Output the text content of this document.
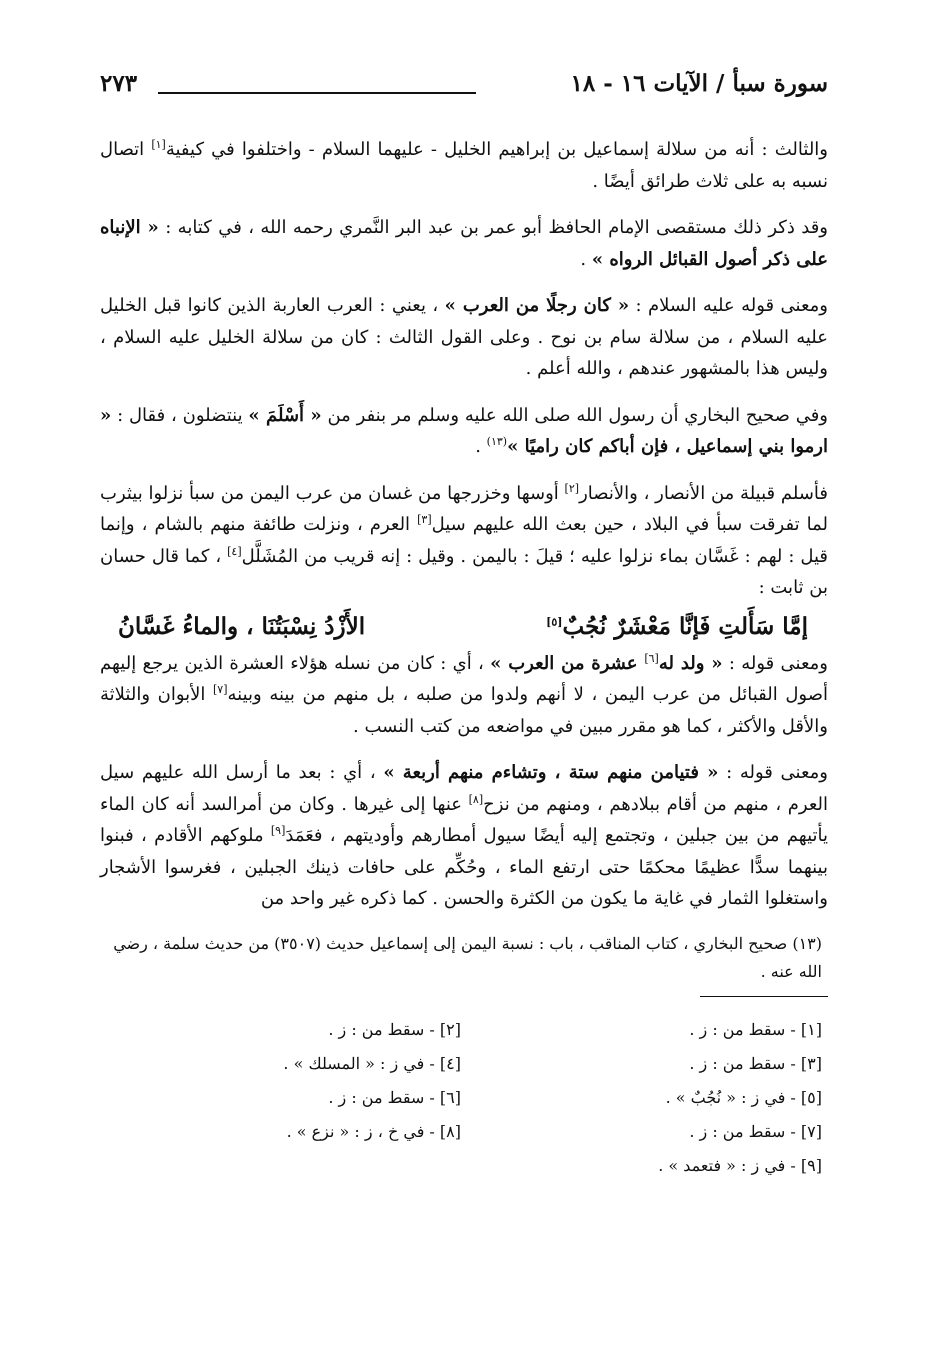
سورة سبأ / الآيات ١٦ - ١٨
٢٧٣

والثالث : أنه من سلالة إسماعيل بن إبراهيم الخليل - عليهما السلام - واختلفوا في كيفية[١] اتصال نسبه به على ثلاث طرائق أيضًا .

وقد ذكر ذلك مستقصى الإمام الحافظ أبو عمر بن عبد البر النَّمري رحمه الله ، في كتابه : « الإنباه على ذكر أصول القبائل الرواه » .

ومعنى قوله عليه السلام : « كان رجلًا من العرب » ، يعني : العرب العاربة الذين كانوا قبل الخليل عليه السلام ، من سلالة سام بن نوح . وعلى القول الثالث : كان من سلالة الخليل عليه السلام ، وليس هذا بالمشهور عندهم ، والله أعلم .

وفي صحيح البخاري أن رسول الله صلى الله عليه وسلم مر بنفر من « أَسْلَمَ » ينتضلون ، فقال : « ارموا بني إسماعيل ، فإن أباكم كان راميًا »$^{(١٣)}$ .

فأسلم قبيلة من الأنصار ، والأنصار[٢] أوسها وخزرجها من غسان من عرب اليمن من سبأ نزلوا بيثرب لما تفرقت سبأ في البلاد ، حين بعث الله عليهم سيل[٣] العرم ، ونزلت طائفة منهم بالشام ، وإنما قيل : لهم : غَسَّان بماء نزلوا عليه ؛ قيلَ : باليمن . وقيل : إنه قريب من المُشَلَّل[٤] ، كما قال حسان بن ثابت :

إمَّا سَأَلتِ فَإنَّا مَعْشَرٌ نُجُبٌ[٥]
الأَزْدُ نِسْبَتُنَا ، والماءُ غَسَّانُ

ومعنى قوله : « ولد له[٦] عشرة من العرب » ، أي : كان من نسله هؤلاء العشرة الذين يرجع إليهم أصول القبائل من عرب اليمن ، لا أنهم ولدوا من صلبه ، بل منهم من بينه وبينه[٧] الأبوان والثلاثة والأقل والأكثر ، كما هو مقرر مبين في مواضعه من كتب النسب .

ومعنى قوله : « فتيامن منهم ستة ، وتشاءم منهم أربعة » ، أي : بعد ما أرسل الله عليهم سيل العرم ، منهم من أقام ببلادهم ، ومنهم من نزح[٨] عنها إلى غيرها . وكان من أمرالسد أنه كان الماء يأتيهم من بين جبلين ، وتجتمع إليه أيضًا سيول أمطارهم وأوديتهم ، فعَمَدَ[٩] ملوكهم الأقادم ، فبنوا بينهما سدًّا عظيمًا محكمًا حتى ارتفع الماء ، وحُكِّم على حافات ذينك الجبلين ، فغرسوا الأشجار واستغلوا الثمار في غاية ما يكون من الكثرة والحسن . كما ذكره غير واحد من

(١٣) صحيح البخاري ، كتاب المناقب ، باب : نسبة اليمن إلى إسماعيل حديث (٣٥٠٧) من حديث سلمة ، رضي الله عنه .
[١] - سقط من : ز .
[٢] - سقط من : ز .
[٣] - سقط من : ز .
[٤] - في ز : « المسلك » .
[٥] - في ز : « نُجُبٌ » .
[٦] - سقط من : ز .
[٧] - سقط من : ز .
[٨] - في خ ، ز : « نزع » .
[٩] - في ز : « فتعمد » .
